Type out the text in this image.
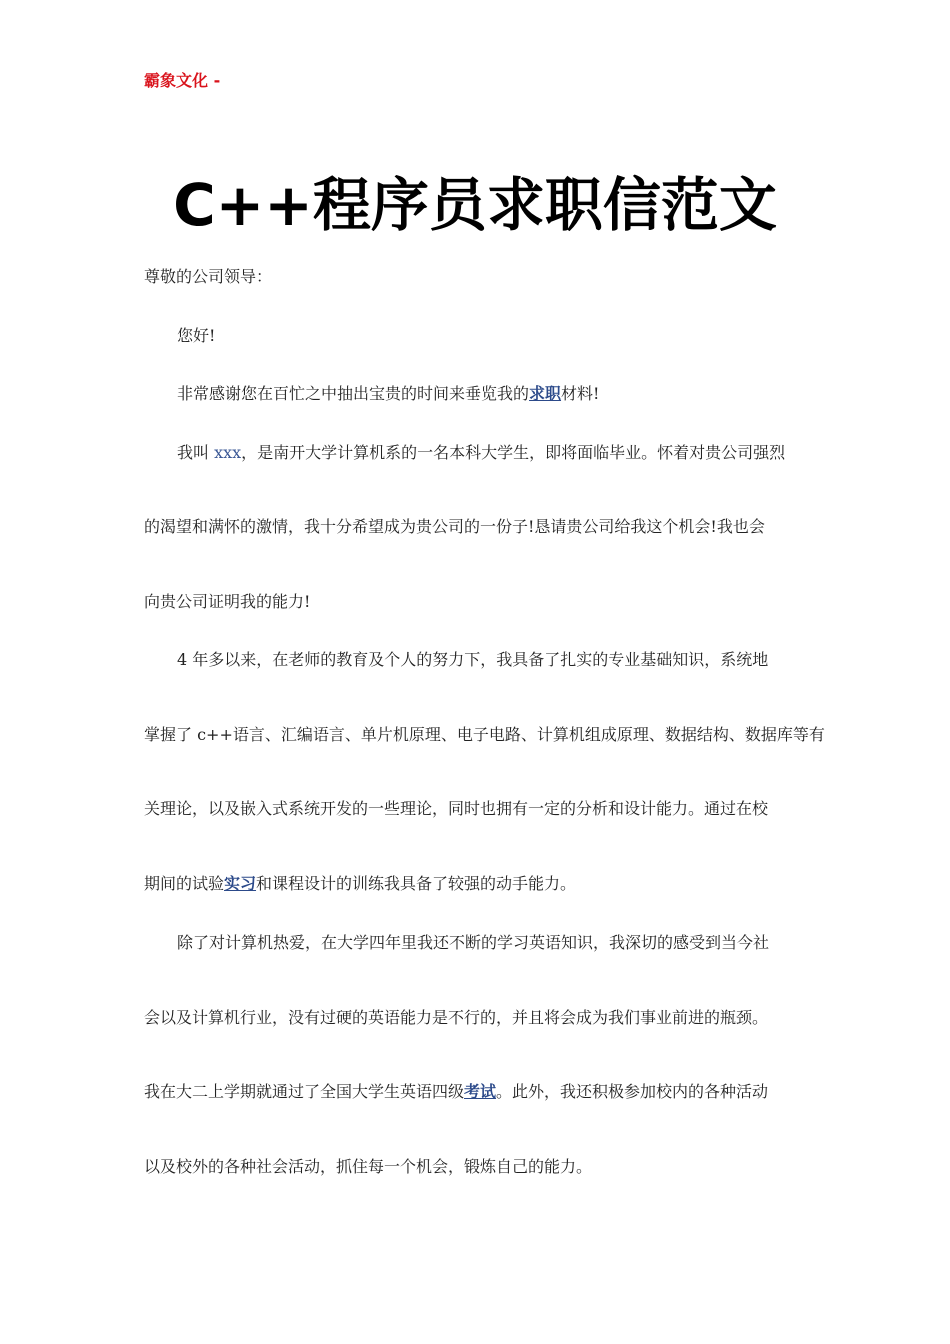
霸象文化 -
C++程序员求职信范文
尊敬的公司领导：
您好!
非常感谢您在百忙之中抽出宝贵的时间来垂览我的求职材料!
我叫 xxx，是南开大学计算机系的一名本科大学生，即将面临毕业。怀着对贵公司强烈
的渴望和满怀的激情，我十分希望成为贵公司的一份子!恳请贵公司给我这个机会!我也会
向贵公司证明我的能力!
4 年多以来，在老师的教育及个人的努力下，我具备了扎实的专业基础知识，系统地
掌握了 c++语言、汇编语言、单片机原理、电子电路、计算机组成原理、数据结构、数据库等有
关理论，以及嵌入式系统开发的一些理论，同时也拥有一定的分析和设计能力。通过在校
期间的试验实习和课程设计的训练我具备了较强的动手能力。
除了对计算机热爱，在大学四年里我还不断的学习英语知识，我深切的感受到当今社
会以及计算机行业，没有过硬的英语能力是不行的，并且将会成为我们事业前进的瓶颈。
我在大二上学期就通过了全国大学生英语四级考试。此外，我还积极参加校内的各种活动
以及校外的各种社会活动，抓住每一个机会，锻炼自己的能力。
